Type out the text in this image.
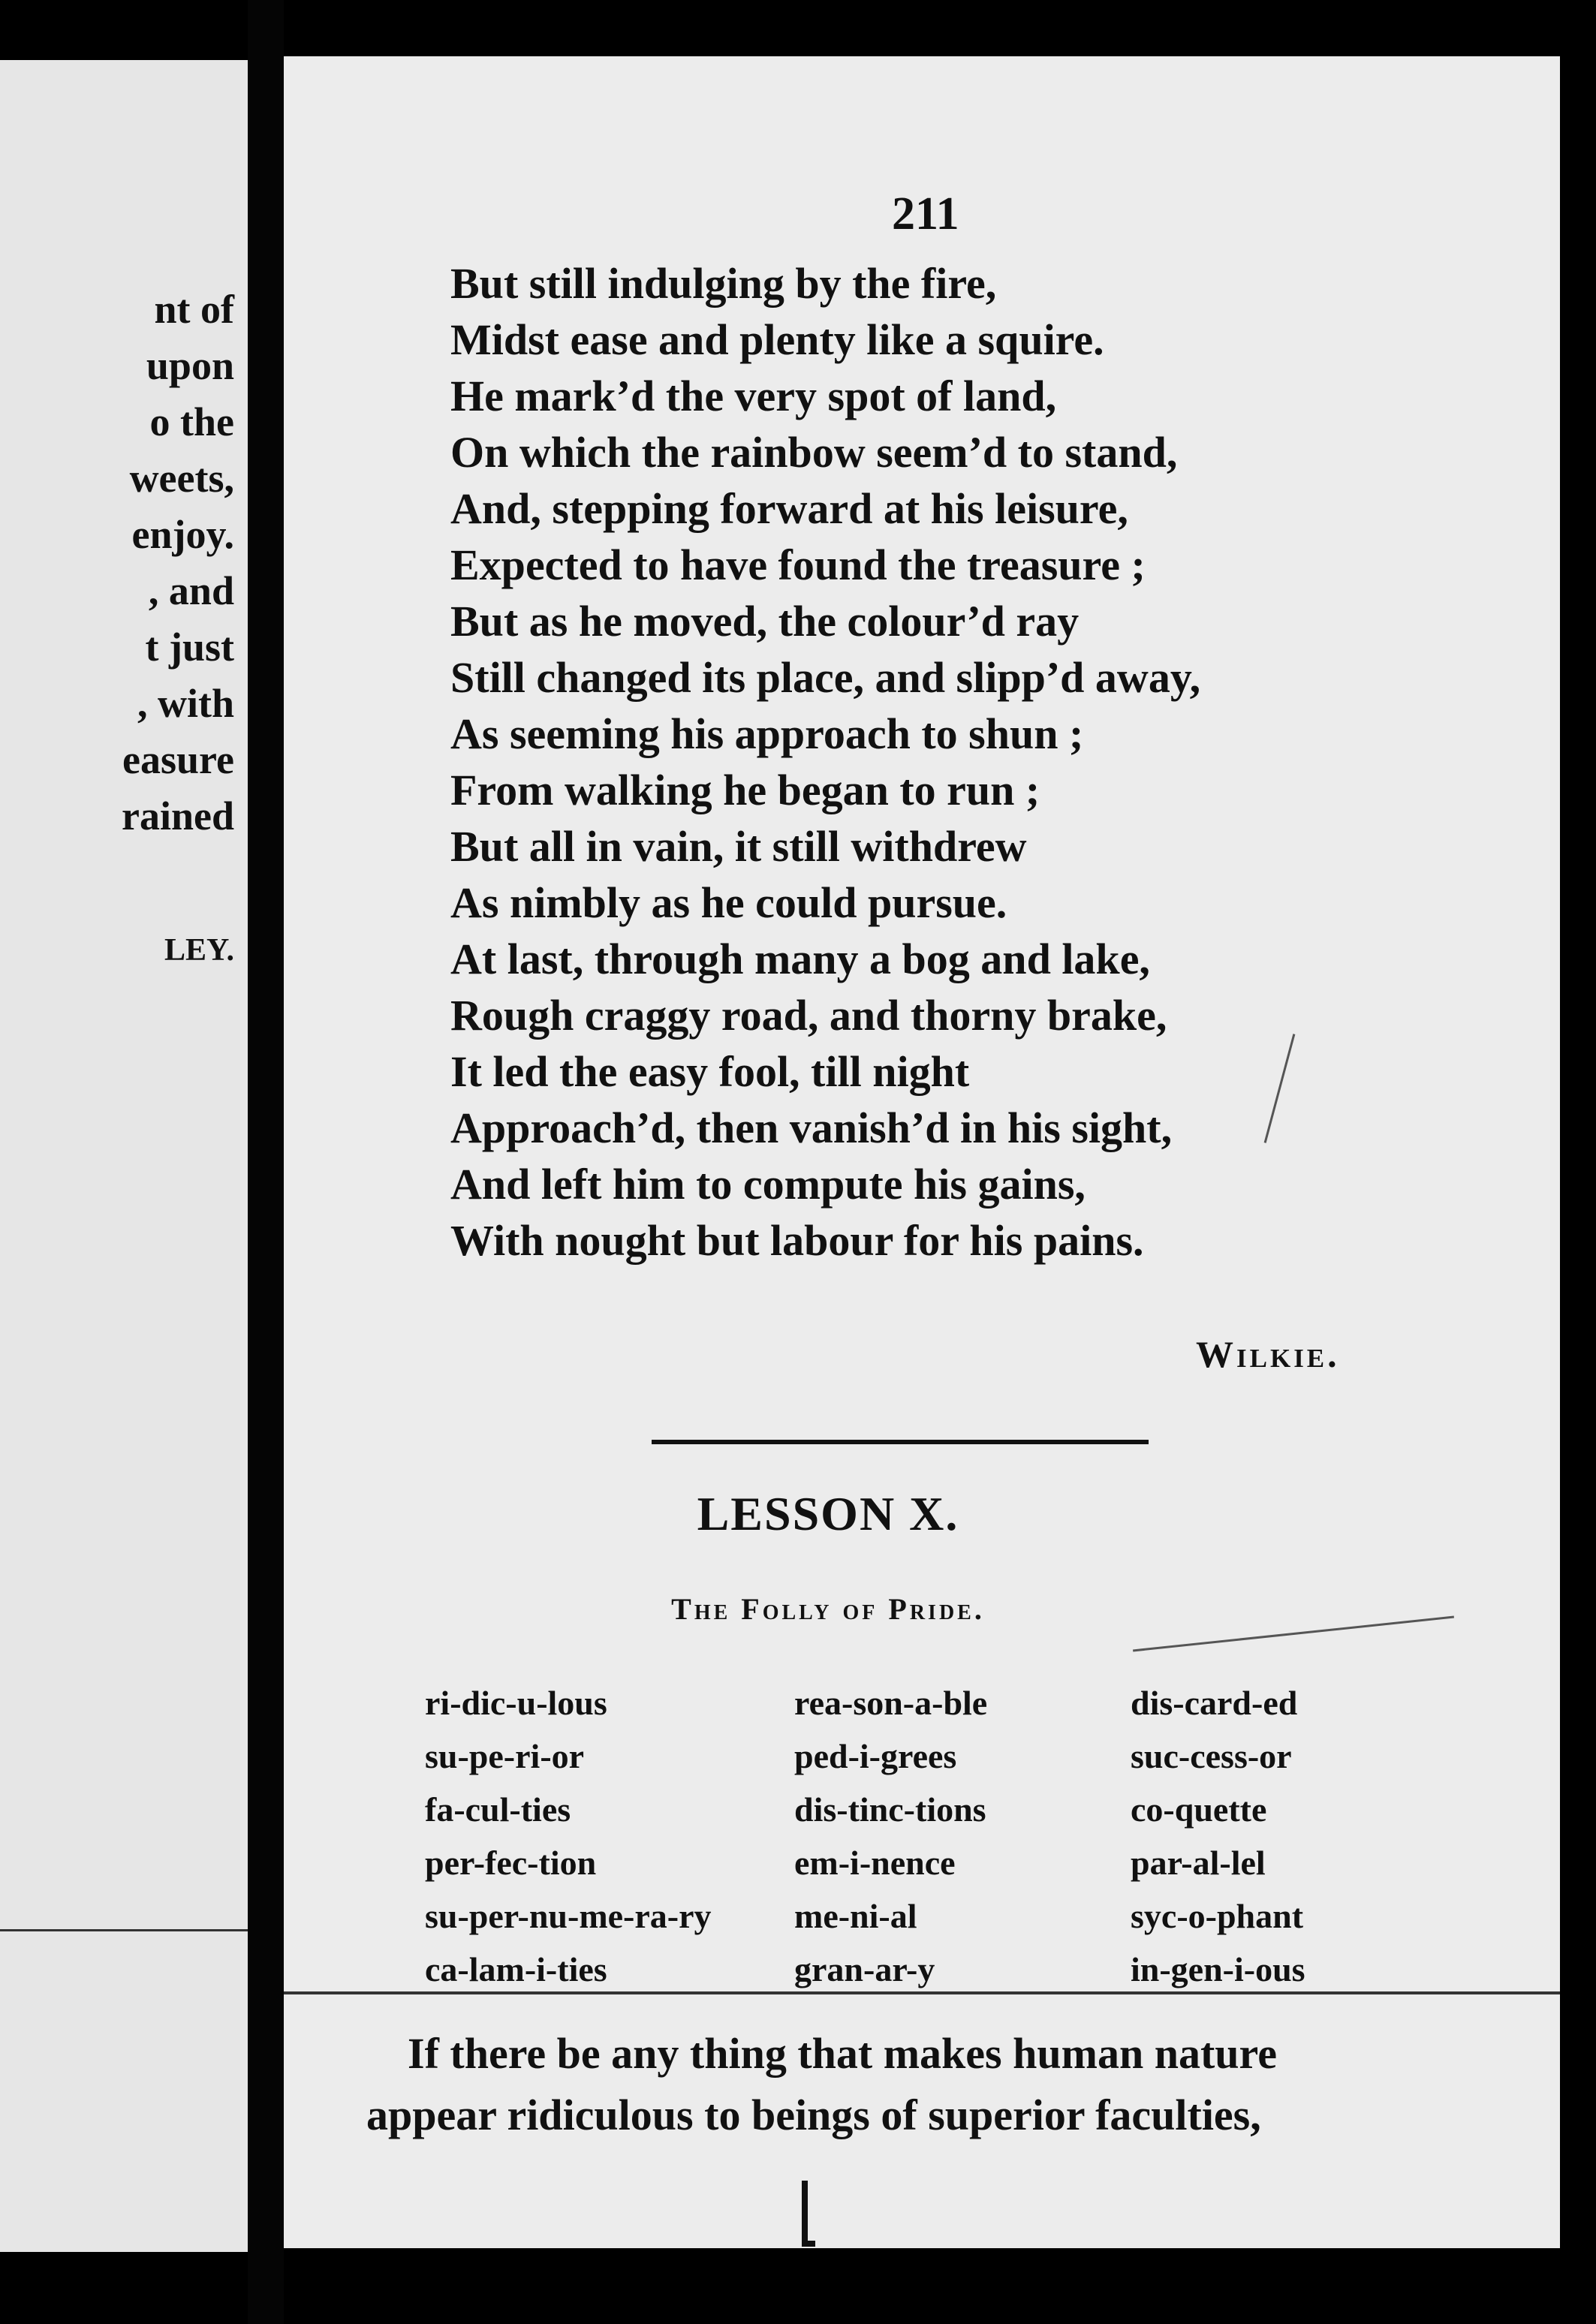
nt of
upon
o the
weets,
enjoy.
, and
t just
, with
easure
rained
LEY.
211
But still indulging by the fire,
Midst ease and plenty like a squire.
He mark’d the very spot of land,
On which the rainbow seem’d to stand,
And, stepping forward at his leisure,
Expected to have found the treasure ;
But as he moved, the colour’d ray
Still changed its place, and slipp’d away,
As seeming his approach to shun ;
From walking he began to run ;
But all in vain, it still withdrew
As nimbly as he could pursue.
At last, through many a bog and lake,
Rough craggy road, and thorny brake,
It led the easy fool, till night
Approach’d, then vanish’d in his sight,
And left him to compute his gains,
With nought but labour for his pains.
Wilkie.
LESSON X.
The Folly of Pride.
ri-dic-u-lous
su-pe-ri-or
fa-cul-ties
per-fec-tion
su-per-nu-me-ra-ry
ca-lam-i-ties
rea-son-a-ble
ped-i-grees
dis-tinc-tions
em-i-nence
me-ni-al
gran-ar-y
dis-card-ed
suc-cess-or
co-quette
par-al-lel
syc-o-phant
in-gen-i-ous
If there be any thing that makes human nature
appear ridiculous to beings of superior faculties,
